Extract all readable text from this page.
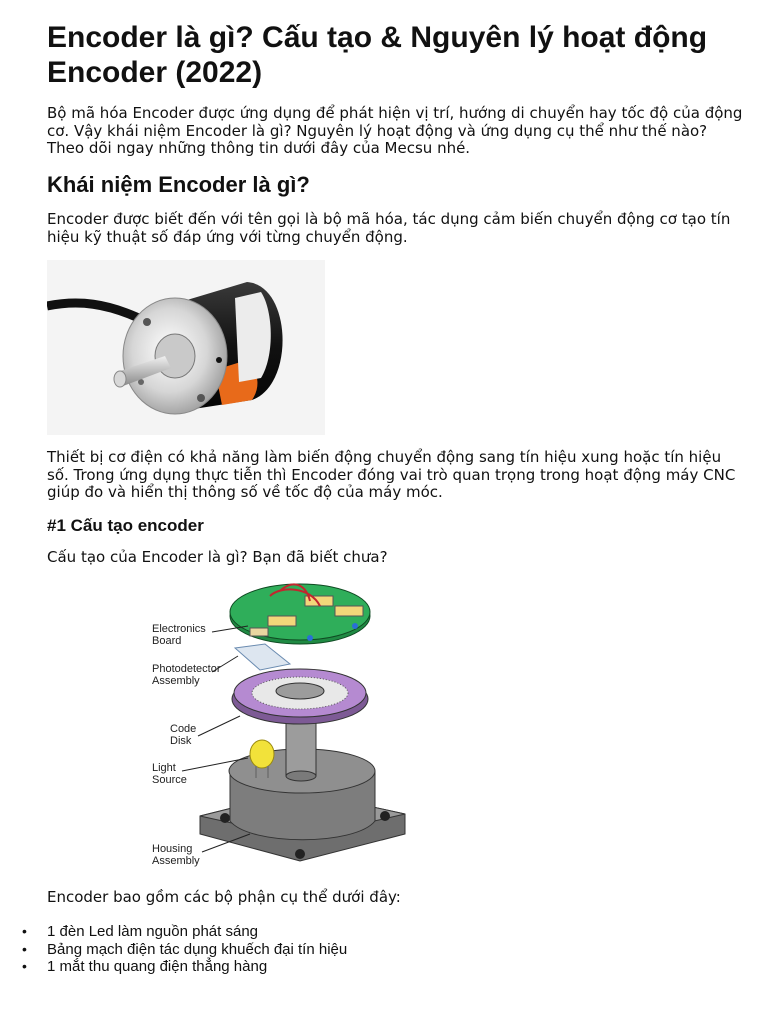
Encoder là gì? Cấu tạo & Nguyên lý hoạt động Encoder (2022)

Bộ mã hóa Encoder được ứng dụng để phát hiện vị trí, hướng di chuyển hay tốc độ của động cơ. Vậy khái niệm Encoder là gì? Nguyên lý hoạt động và ứng dụng cụ thể như thế nào? Theo dõi ngay những thông tin dưới đây của Mecsu nhé.

Khái niệm Encoder là gì?

Encoder được biết đến với tên gọi là bộ mã hóa, tác dụng cảm biến chuyển động cơ tạo tín hiệu kỹ thuật số đáp ứng với từng chuyển động.

Thiết bị cơ điện có khả năng làm biến động chuyển động sang tín hiệu xung hoặc tín hiệu số. Trong ứng dụng thực tiễn thì Encoder đóng vai trò quan trọng trong hoạt động máy CNC giúp đo và hiển thị thông số về tốc độ của máy móc.

#1 Cấu tạo encoder

Cấu tạo của Encoder là gì? Bạn đã biết chưa?

Electronics
Board
Photodetector
Assembly
Code
Disk
Light
Source
Housing
Assembly

Encoder bao gồm các bộ phận cụ thể dưới đây:

• 1 đèn Led làm nguồn phát sáng
• Bảng mạch điện tác dụng khuếch đại tín hiệu
• 1 mắt thu quang điện thẳng hàng
